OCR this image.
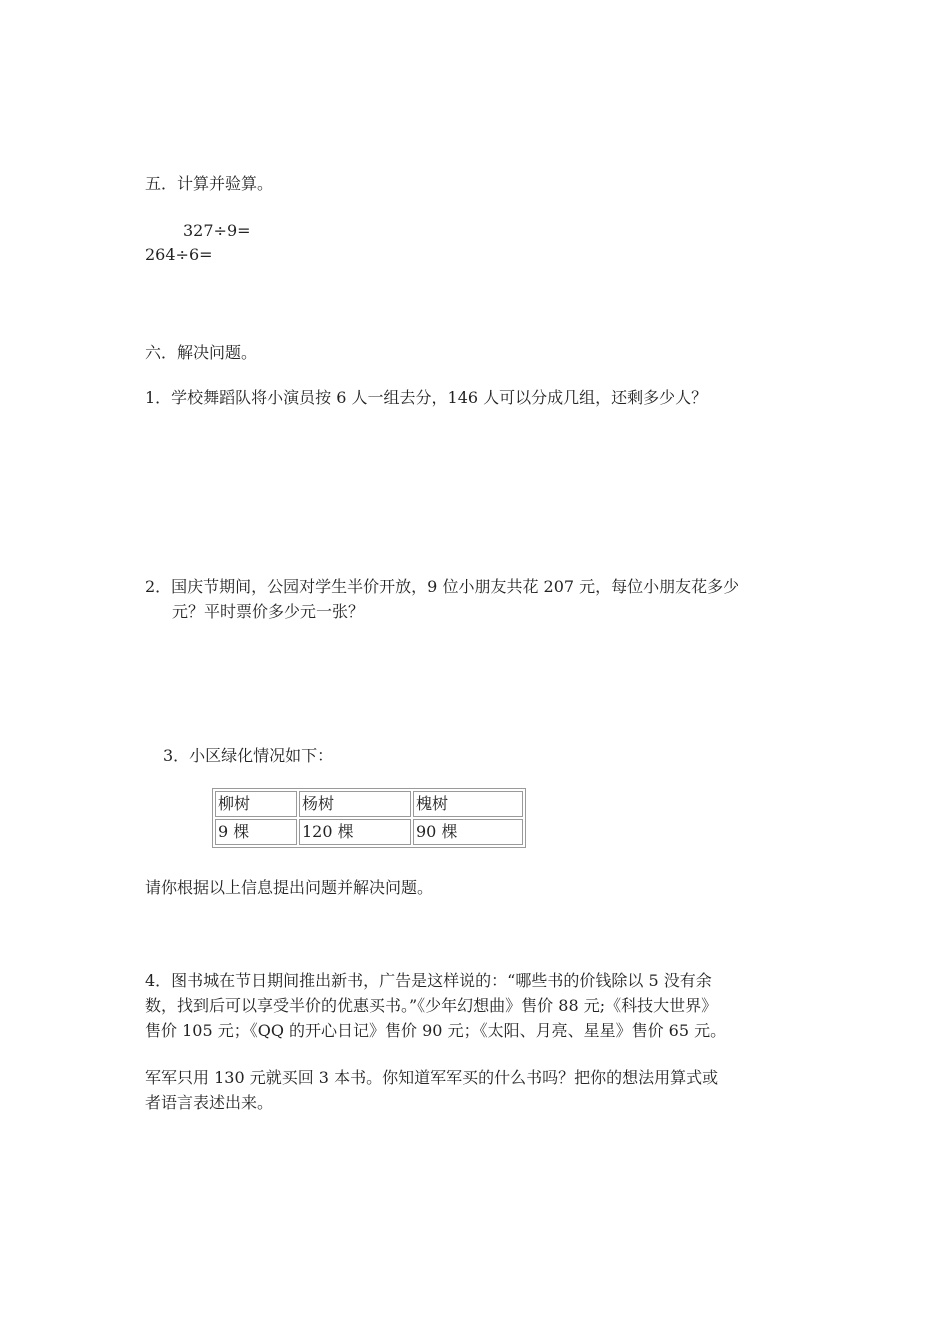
五．计算并验算。
327÷9=
264÷6=
六．解决问题。
1．学校舞蹈队将小演员按 6 人一组去分，146 人可以分成几组，还剩多少人？
2．国庆节期间，公园对学生半价开放，9 位小朋友共花 207 元，每位小朋友花多少
元？平时票价多少元一张？
3．小区绿化情况如下：
柳树	杨树	槐树
9 棵	120 棵	90 棵
请你根据以上信息提出问题并解决问题。
4．图书城在节日期间推出新书，广告是这样说的：“哪些书的价钱除以 5 没有余
数，找到后可以享受半价的优惠买书。”《少年幻想曲》售价 88 元;《科技大世界》
售价 105 元；《QQ 的开心日记》售价 90 元；《太阳、月亮、星星》售价 65 元。
军军只用 130 元就买回 3 本书。你知道军军买的什么书吗？把你的想法用算式或
者语言表述出来。
